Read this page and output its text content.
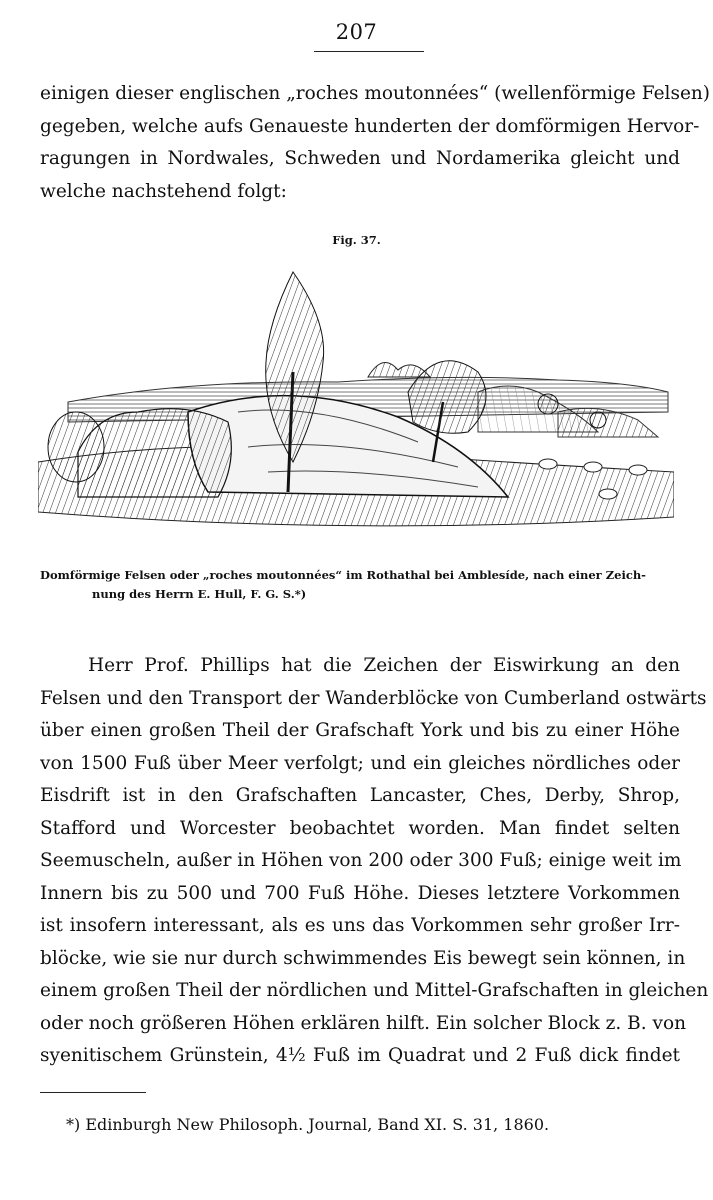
207
einigen dieser englischen „roches moutonnées“ (wellenförmige Felsen)
gegeben, welche aufs Genaueste hunderten der domförmigen Hervor-
ragungen in Nordwales, Schweden und Nordamerika gleicht und
welche nachstehend folgt:
Fig. 37.
Domförmige Felsen oder „roches moutonnées“ im Rothathal bei Amblesíde, nach einer Zeich-
nung des Herrn E. Hull, F. G. S.*)
Herr Prof. Phillips hat die Zeichen der Eiswirkung an den
Felsen und den Transport der Wanderblöcke von Cumberland ostwärts
über einen großen Theil der Grafschaft York und bis zu einer Höhe
von 1500 Fuß über Meer verfolgt; und ein gleiches nördliches oder
Eisdrift ist in den Grafschaften Lancaster, Ches, Derby, Shrop,
Stafford und Worcester beobachtet worden. Man findet selten
Seemuscheln, außer in Höhen von 200 oder 300 Fuß; einige weit im
Innern bis zu 500 und 700 Fuß Höhe. Dieses letztere Vorkommen
ist insofern interessant, als es uns das Vorkommen sehr großer Irr-
blöcke, wie sie nur durch schwimmendes Eis bewegt sein können, in
einem großen Theil der nördlichen und Mittel-Grafschaften in gleichen
oder noch größeren Höhen erklären hilft. Ein solcher Block z. B. von
syenitischem Grünstein, 4½ Fuß im Quadrat und 2 Fuß dick findet
*) Edinburgh New Philosoph. Journal, Band XI. S. 31, 1860.
